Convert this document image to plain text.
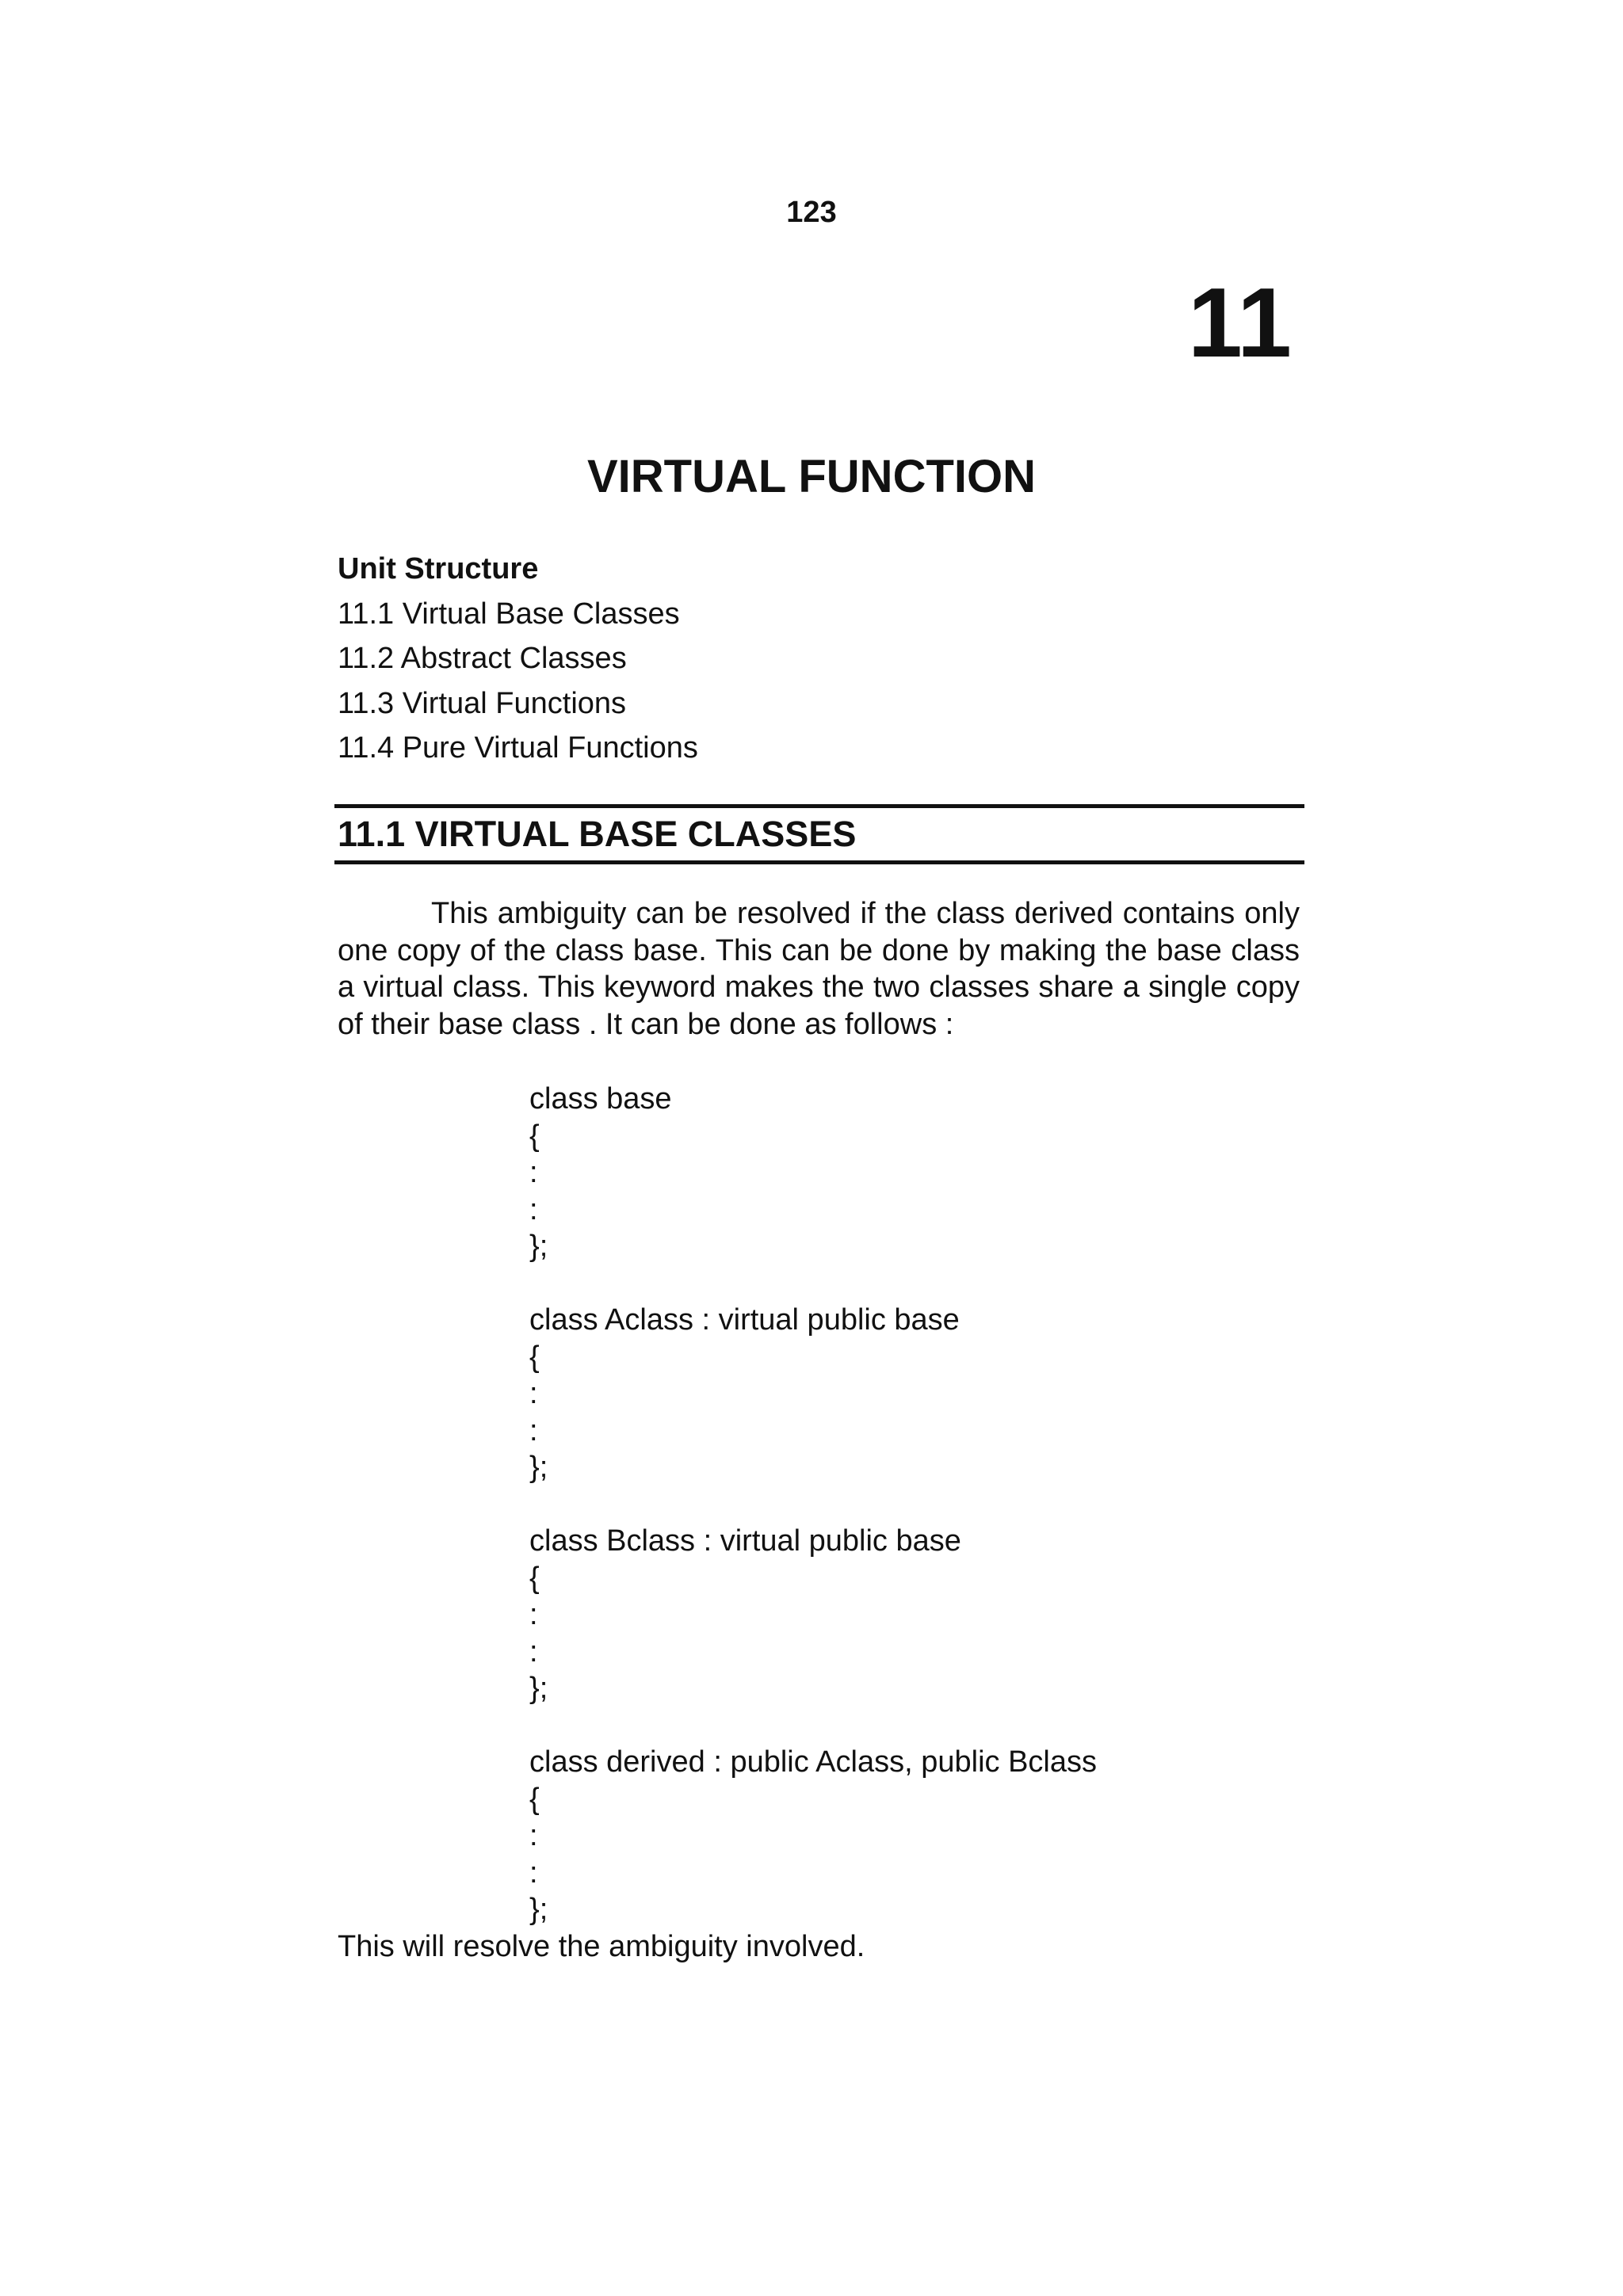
123
11
VIRTUAL FUNCTION
Unit Structure
11.1 Virtual Base Classes
11.2 Abstract Classes
11.3 Virtual Functions
11.4 Pure Virtual Functions
11.1 VIRTUAL BASE CLASSES

This ambiguity can be resolved if the class derived contains only one copy of the class base. This can be done by making the base class a virtual class. This keyword makes the two classes share a single copy of their base class . It can be done as follows :

class base
{
:
:
};
class Aclass : virtual public base
{
:
:
};
class Bclass : virtual public base
{
:
:
};
class derived : public Aclass, public Bclass
{
:
:
};
This will resolve the ambiguity involved.
